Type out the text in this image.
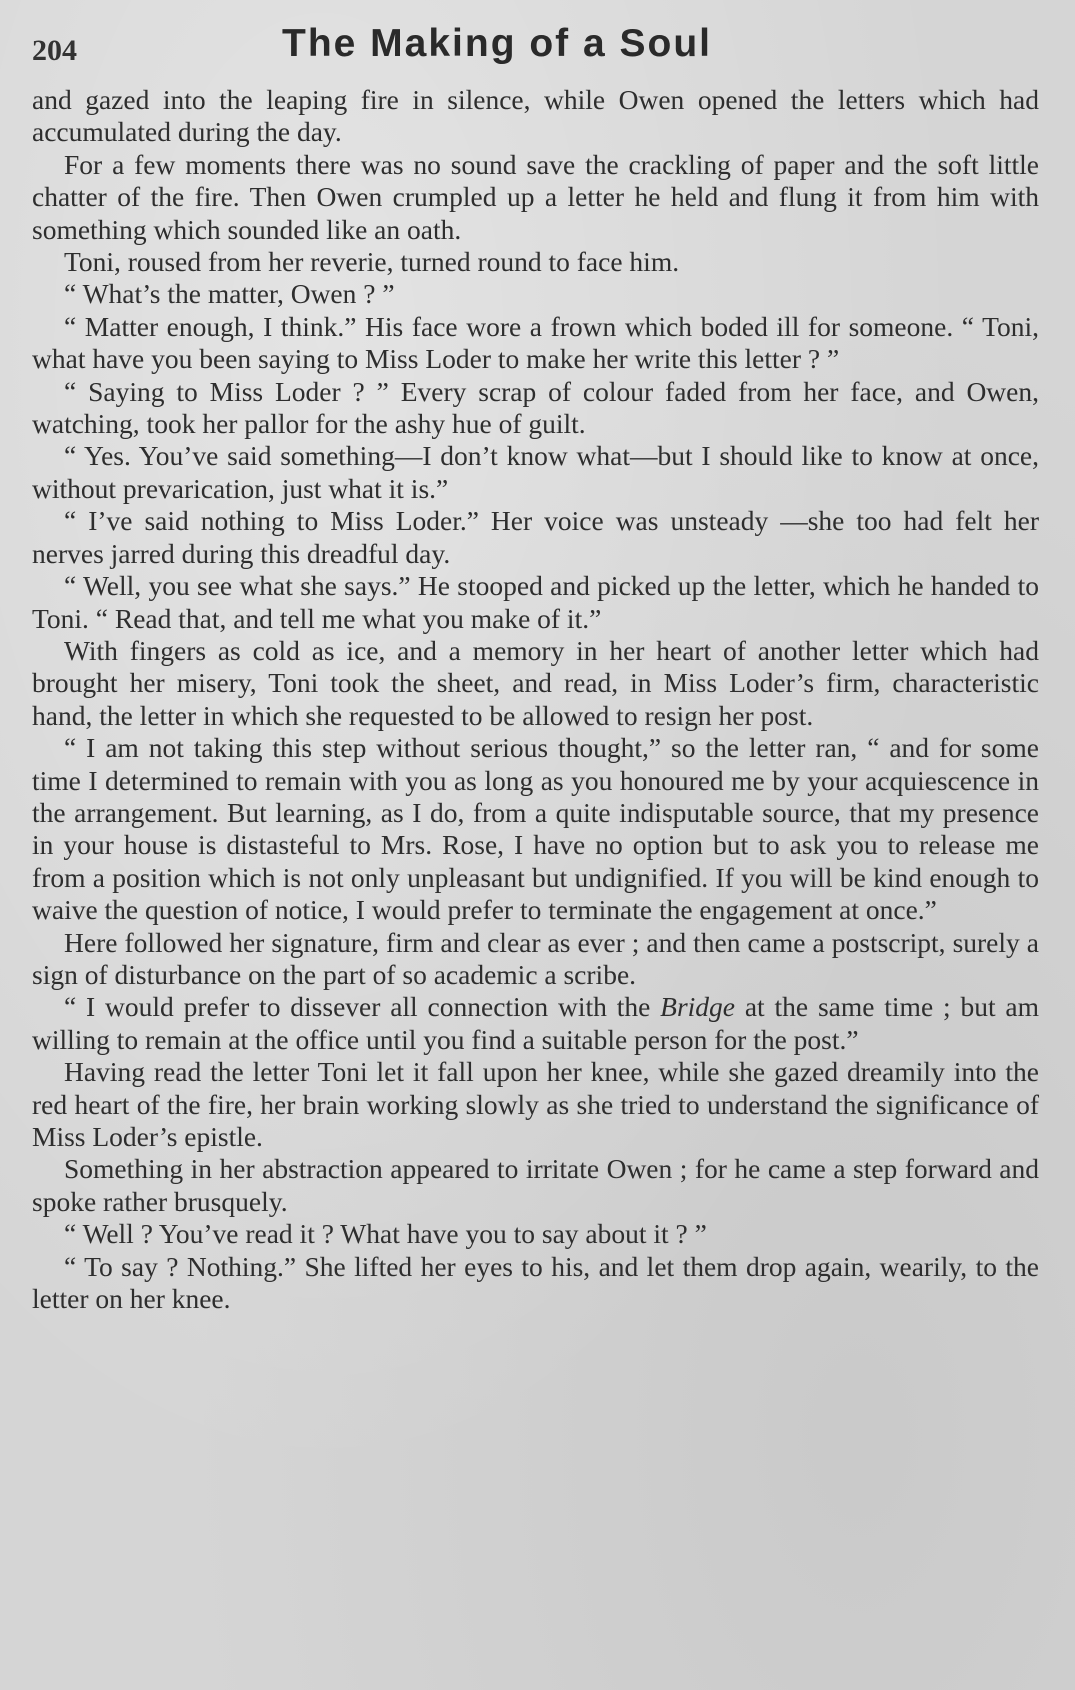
204	The Making of a Soul

and gazed into the leaping fire in silence, while Owen opened the letters which had accumulated during the day.

For a few moments there was no sound save the crackling of paper and the soft little chatter of the fire. Then Owen crumpled up a letter he held and flung it from him with something which sounded like an oath.

Toni, roused from her reverie, turned round to face him.

“ What’s the matter, Owen ? ”

“ Matter enough, I think.” His face wore a frown which boded ill for someone. “ Toni, what have you been saying to Miss Loder to make her write this letter ? ”

“ Saying to Miss Loder ? ” Every scrap of colour faded from her face, and Owen, watching, took her pallor for the ashy hue of guilt.

“ Yes. You’ve said something—I don’t know what—but I should like to know at once, without prevarication, just what it is.”

“ I’ve said nothing to Miss Loder.” Her voice was unsteady —she too had felt her nerves jarred during this dreadful day.

“ Well, you see what she says.” He stooped and picked up the letter, which he handed to Toni. “ Read that, and tell me what you make of it.”

With fingers as cold as ice, and a memory in her heart of another letter which had brought her misery, Toni took the sheet, and read, in Miss Loder’s firm, characteristic hand, the letter in which she requested to be allowed to resign her post.

“ I am not taking this step without serious thought,” so the letter ran, “ and for some time I determined to remain with you as long as you honoured me by your acquiescence in the arrangement. But learning, as I do, from a quite indisputable source, that my presence in your house is distasteful to Mrs. Rose, I have no option but to ask you to release me from a position which is not only unpleasant but undignified. If you will be kind enough to waive the question of notice, I would prefer to terminate the engagement at once.”

Here followed her signature, firm and clear as ever ; and then came a postscript, surely a sign of disturbance on the part of so academic a scribe.

“ I would prefer to dissever all connection with the Bridge at the same time ; but am willing to remain at the office until you find a suitable person for the post.”

Having read the letter Toni let it fall upon her knee, while she gazed dreamily into the red heart of the fire, her brain working slowly as she tried to understand the significance of Miss Loder’s epistle.

Something in her abstraction appeared to irritate Owen ; for he came a step forward and spoke rather brusquely.

“ Well ? You’ve read it ? What have you to say about it ? ”

“ To say ? Nothing.” She lifted her eyes to his, and let them drop again, wearily, to the letter on her knee.
